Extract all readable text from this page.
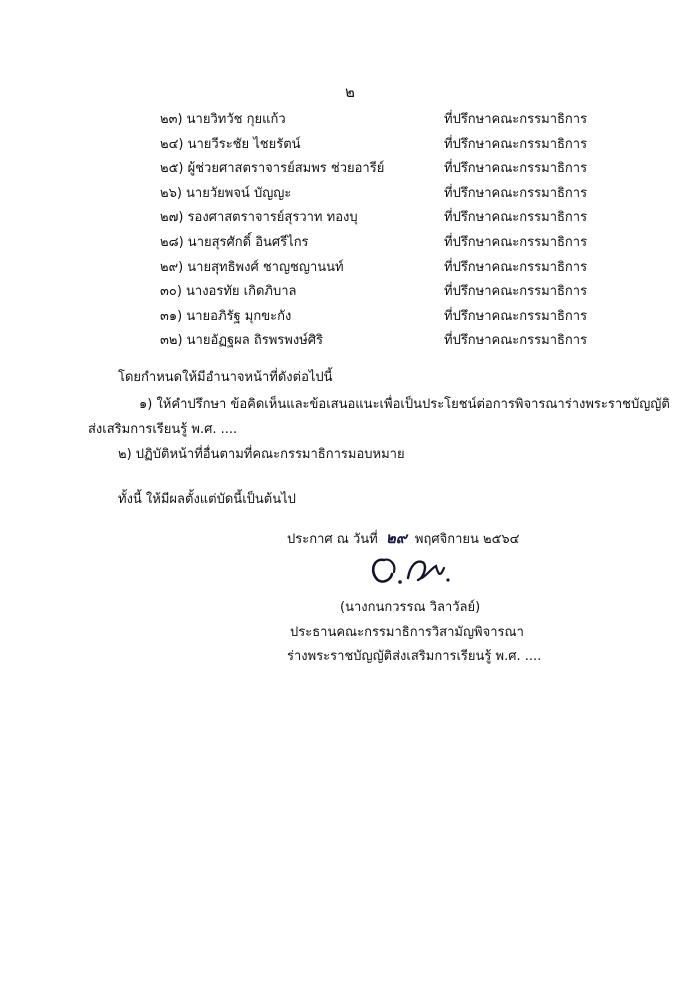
๒
๒๓) นายวิทวัช กุยแก้ว	ที่ปรึกษาคณะกรรมาธิการ
๒๔) นายวีระชัย ไชยรัตน์	ที่ปรึกษาคณะกรรมาธิการ
๒๕) ผู้ช่วยศาสตราจารย์สมพร ช่วยอารีย์	ที่ปรึกษาคณะกรรมาธิการ
๒๖) นายวัยพจน์ บัญญะ	ที่ปรึกษาคณะกรรมาธิการ
๒๗) รองศาสตราจารย์สุรวาท ทองบุ	ที่ปรึกษาคณะกรรมาธิการ
๒๘) นายสุรศักดิ์ อินศรีไกร	ที่ปรึกษาคณะกรรมาธิการ
๒๙) นายสุทธิพงศ์ ชาญชญานนท์	ที่ปรึกษาคณะกรรมาธิการ
๓๐) นางอรทัย เกิดภิบาล	ที่ปรึกษาคณะกรรมาธิการ
๓๑) นายอภิรัฐ มุกขะกัง	ที่ปรึกษาคณะกรรมาธิการ
๓๒) นายอัฏฐผล ถิรพรพงษ์ศิริ	ที่ปรึกษาคณะกรรมาธิการ
โดยกำหนดให้มีอำนาจหน้าที่ดังต่อไปนี้
๑) ให้คำปรึกษา ข้อคิดเห็นและข้อเสนอแนะเพื่อเป็นประโยชน์ต่อการพิจารณาร่างพระราชบัญญัติ
ส่งเสริมการเรียนรู้ พ.ศ. ....
๒) ปฏิบัติหน้าที่อื่นตามที่คณะกรรมาธิการมอบหมาย
ทั้งนี้ ให้มีผลตั้งแต่บัดนี้เป็นต้นไป
ประกาศ ณ วันที่ ๒๙ พฤศจิกายน ๒๕๖๔
(นางกนกวรรณ วิลาวัลย์)
ประธานคณะกรรมาธิการวิสามัญพิจารณา
ร่างพระราชบัญญัติส่งเสริมการเรียนรู้ พ.ศ. ....
